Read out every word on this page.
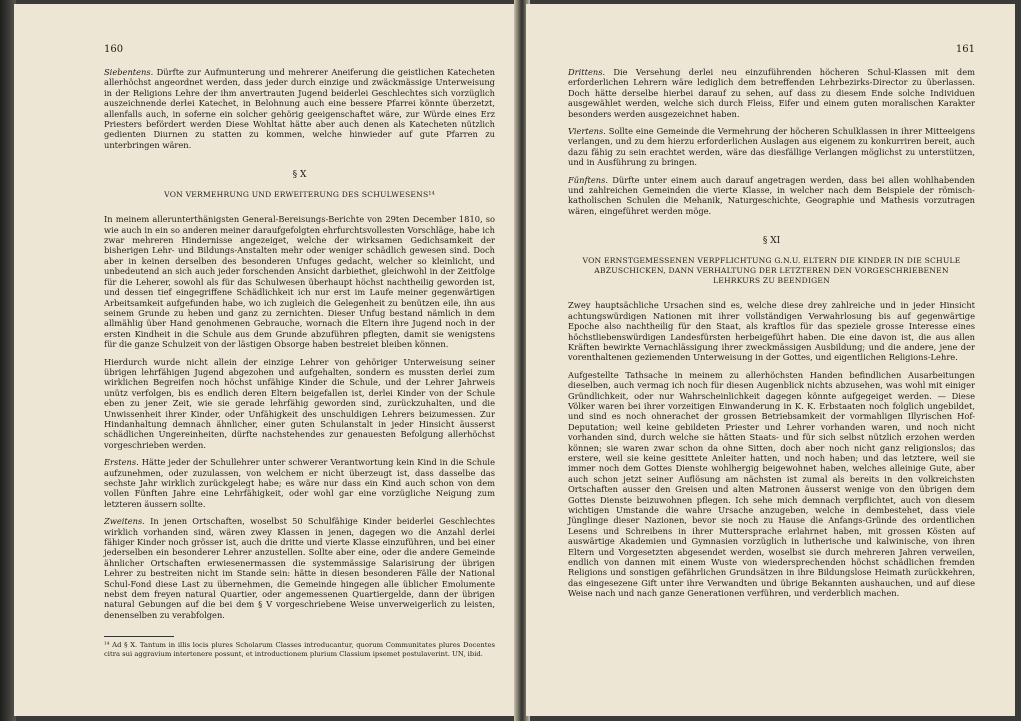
160

Siebentens. Dürfte zur Aufmunterung und mehrerer Aneiferung die geistlichen Katecheten allerhöchst angeordnet werden, dass jeder durch einzige und zwäckmässige Unterweisung in der Religions Lehre der ihm anvertrauten Jugend beiderlei Geschlechtes sich vorzüglich auszeichnende derlei Katechet, in Belohnung auch eine bessere Pfarrei könnte überzetzt, allenfalls auch, in soferne ein solcher gehörig geeigenschaftet wäre, zur Würde eines Erz Priesters befördert werden Diese Wohltat hätte aber auch denen als Katecheten nützlich gedienten Diurnen zu statten zu kommen, welche hinwieder auf gute Pfarren zu unterbringen wären.

§ X
VON VERMEHRUNG UND ERWEITERUNG DES SCHULWESENS¹⁴

In meinem allerunterthänigsten General-Bereisungs-Berichte von 29ten December 1810, so wie auch in ein so anderen meiner daraufgefolgten ehrfurchtsvollesten Vorschläge, habe ich zwar mehreren Hindernisse angezeiget, welche der wirksamen Gedichsamkeit der bisherigen Lehr- und Bildungs-Anstalten mehr oder weniger schädlich gewesen sind. Doch aber in keinen derselben des besonderen Unfuges gedacht, welcher so kleinlicht, und unbedeutend an sich auch jeder forschenden Ansicht darbiethet, gleichwohl in der Zeitfolge für die Leherer, sowohl als für das Schulwesen überhaupt höchst nachtheilig geworden ist, und dessen tief eingegriffene Schädlichkeit ich nur erst im Laufe meiner gegenwärtigen Arbeitsamkeit aufgefunden habe, wo ich zugleich die Gelegenheit zu benützen eile, ihn aus seinem Grunde zu heben und ganz zu zernichten. Dieser Unfug bestand nämlich in dem allmählig über Hand genohmenen Gebrauche, wornach die Eltern ihre Jugend noch in der ersten Kindheit in die Schule aus dem Grunde abzuführen pflegten, damit sie wenigstens für die ganze Schulzeit von der lästigen Obsorge haben bestreiet bleiben können.

Hierdurch wurde nicht allein der einzige Lehrer von gehöriger Unterweisung seiner übrigen lehrfähigen Jugend abgezohen und aufgehalten, sondern es mussten derlei zum wirklichen Begreifen noch höchst unfähige Kinder die Schule, und der Lehrer Jahrweis unütz verfolgen, bis es endlich deren Eltern beigefallen ist, derlei Kinder von der Schule eben zu jener Zeit, wie sie gerade lehrfähig geworden sind, zurückzuhalten, und die Unwissenheit ihrer Kinder, oder Unfähigkeit des unschuldigen Lehrers beizumessen. Zur Hindanhaltung demnach ähnlicher, einer guten Schulanstalt in jeder Hinsicht äusserst schädlichen Ungereinheiten, dürfte nachstehendes zur genauesten Befolgung allerhöchst vorgeschrieben werden.

Erstens. Hätte jeder der Schullehrer unter schwerer Verantwortung kein Kind in die Schule aufzunehmen, oder zuzulassen, von welchem er nicht überzeugt ist, dass dasselbe das sechste Jahr wirklich zurückgelegt habe; es wäre nur dass ein Kind auch schon von dem vollen Fünften Jahre eine Lehrfähigkeit, oder wohl gar eine vorzügliche Neigung zum letzteren äussern sollte.

Zweitens. In jenen Ortschaften, woselbst 50 Schulfähige Kinder beiderlei Geschlechtes wirklich vorhanden sind, wären zwey Klassen in jenen, dagegen wo die Anzahl derlei fähiger Kinder noch grösser ist, auch die dritte und vierte Klasse einzuführen, und bei einer jederselben ein besonderer Lehrer anzustellen. Sollte aber eine, oder die andere Gemeinde ähnlicher Ortschaften erwiesenermassen die systemmässige Salarisirung der übrigen Lehrer zu bestreiten nicht im Stande sein: hätte in diesen besonderen Fälle der National Schul-Fond diese Last zu übernehmen, die Gemeinde hingegen alle üblicher Emolumente nebst dem freyen natural Quartier, oder angemessenen Quartiergelde, dann der übrigen natural Gebungen auf die bei dem § V vorgeschriebene Weise unverweigerlich zu leisten, denenselben zu verabfolgen.

¹⁴ Ad § X. Tantum in illis locis plures Scholarum Classes introducantur, quorum Communitates plures Docentes citra sui aggravium intertenere possunt, et introductionem plurium Classium ipsemet postulaverint. UN, ibid.
161

Drittens. Die Versehung derlei neu einzuführenden höcheren Schul-Klassen mit dem erforderlichen Lehrern wäre lediglich dem betreffenden Lehrbezirks-Director zu überlassen. Doch hätte derselbe hierbei darauf zu sehen, auf dass zu diesem Ende solche Individuen ausgewählet werden, welche sich durch Fleiss, Eifer und einem guten moralischen Karakter besonders werden ausgezeichnet haben.

Viertens. Sollte eine Gemeinde die Vermehrung der höcheren Schulklassen in ihrer Mitteeigens verlangen, und zu dem hierzu erforderlichen Auslagen aus eigenem zu konkurriren bereit, auch dazu fähig zu sein erachtet werden, wäre das diesfällige Verlangen möglichst zu unterstützen, und in Ausführung zu bringen.

Fünftens. Dürfte unter einem auch darauf angetragen werden, dass bei allen wohlhabenden und zahlreichen Gemeinden die vierte Klasse, in welcher nach dem Beispiele der römisch-katholischen Schulen die Mehanik, Naturgeschichte, Geographie und Mathesis vorzutragen wären, eingeführet werden möge.

§ XI
VON ERNSTGEMESSENEN VERPFLICHTUNG G.N.U. ELTERN DIE KINDER IN DIE SCHULE ABZUSCHICKEN, DANN VERHALTUNG DER LETZTEREN DEN VORGESCHRIEBENEN LEHRKURS ZU BEENDIGEN

Zwey hauptsächliche Ursachen sind es, welche diese drey zahlreiche und in jeder Hinsicht achtungswürdigen Nationen mit ihrer vollständigen Verwahrlosung bis auf gegenwärtige Epoche also nachtheilig für den Staat, als kraftlos für das speziele grosse Interesse eines höchstliebenswürdigen Landesfürsten herbeigeführt haben. Die eine davon ist, die aus allen Kräften bewirkte Vernachlässigung ihrer zweckmässigen Ausbildung; und die andere, jene der vorenthaltenen gezìemenden Unterweisung in der Gottes, und eigentlichen Religions-Lehre.

Aufgestellte Tathsache in meinem zu allerhöchsten Handen befindlichen Ausarbeitungen dieselben, auch vermag ich noch für diesen Augenblick nichts abzusehen, was wohl mit einiger Gründlichkeit, oder nur Wahrscheinlichkeit dagegen könnte aufgegeiget werden. — Diese Völker waren bei ihrer vorzeitigen Einwanderung in K. K. Erbstaaten noch folglich ungebildet, und sind es noch ohnerachet der grossen Betriebsamkeit der vormahligen Illyrischen Hof-Deputation; weil keine gebildeten Priester und Lehrer vorhanden waren, und noch nicht vorhanden sind, durch welche sie hätten Staats- und für sich selbst nützlich erzohen werden können; sie waren zwar schon da ohne Sitten, doch aber noch nicht ganz religionslos; das erstere, weil sie keine gesittete Anleiter hatten, und noch haben; und das letztere, weil sie immer noch dem Gottes Dienste wohlhergig beigewohnet haben, welches alleinige Gute, aber auch schon jetzt seiner Auflösung am nächsten ist zumal als bereits in den volkreichsten Ortschaften ausser den Greisen und alten Matronen äusserst wenige von den übrigen dem Gottes Dienste beizuwohnen pflegen. Ich sehe mich demnach verpflichtet, auch von diesem wichtigen Umstande die wahre Ursache anzugeben, welche in dembestehet, dass viele Jünglinge dieser Nazionen, bevor sie noch zu Hause die Anfangs-Gründe des ordentlichen Lesens und Schreibens in ihrer Muttersprache erlahrnet haben, mit grossen Kösten auf auswärtige Akademien und Gymnasien vorzüglich in lutherische und kalwinische, von ihren Eltern und Vorgesetzten abgesendet werden, woselbst sie durch mehreren Jahren verweilen, endlich von dannen mit einem Wuste von wiedersprechenden höchst schädlichen fremden Religions und sonstigen gefährlichen Grundsätzen in ihre Bildungslose Heimath zurückkehren, das eingesezene Gift unter ihre Verwandten und übrige Bekannten aushauchen, und auf diese Weise nach und nach ganze Generationen verführen, und verderblich machen.
